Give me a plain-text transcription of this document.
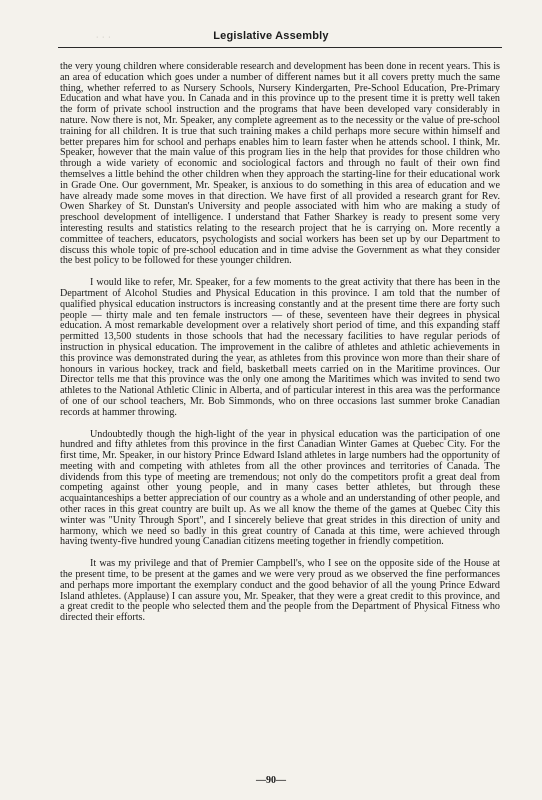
ᐧ ᐧ ᐧ	Legislative Assembly

the very young children where considerable research and development has been done in recent years. This is an area of education which goes under a number of different names but it all covers pretty much the same thing, whether referred to as Nursery Schools, Nursery Kindergarten, Pre-School Education, Pre-Primary Education and what have you. In Canada and in this province up to the present time it is pretty well taken the form of private school instruction and the programs that have been developed vary considerably in nature. Now there is not, Mr. Speaker, any complete agreement as to the necessity or the value of pre-school training for all children. It is true that such training makes a child perhaps more secure within himself and better prepares him for school and perhaps enables him to learn faster when he attends school. I think, Mr. Speaker, however that the main value of this program lies in the help that provides for those children who through a wide variety of economic and sociological factors and through no fault of their own find themselves a little behind the other children when they approach the starting-line for their educational work in Grade One. Our government, Mr. Speaker, is anxious to do something in this area of education and we have already made some moves in that direction. We have first of all provided a research grant for Rev. Owen Sharkey of St. Dunstan's University and people associated with him who are making a study of preschool development of intelligence. I understand that Father Sharkey is ready to present some very interesting results and statistics relating to the research project that he is carrying on. More recently a committee of teachers, educators, psychologists and social workers has been set up by our Department to discuss this whole topic of pre-school education and in time advise the Government as what they consider the best policy to be followed for these younger children.

I would like to refer, Mr. Speaker, for a few moments to the great activity that there has been in the Department of Alcohol Studies and Physical Education in this province. I am told that the number of qualified physical education instructors is increasing constantly and at the present time there are forty such people — thirty male and ten female instructors — of these, seventeen have their degrees in physical education. A most remarkable development over a relatively short period of time, and this expanding staff permitted 13,500 students in those schools that had the necessary facilities to have regular periods of instruction in physical education. The improvement in the calibre of athletes and athletic achievements in this province was demonstrated during the year, as athletes from this province won more than their share of honours in various hockey, track and field, basketball meets carried on in the Maritime provinces. Our Director tells me that this province was the only one among the Maritimes which was invited to send two athletes to the National Athletic Clinic in Alberta, and of particular interest in this area was the performance of one of our school teachers, Mr. Bob Simmonds, who on three occasions last summer broke Canadian records at hammer throwing.

Undoubtedly though the high-light of the year in physical education was the participation of one hundred and fifty athletes from this province in the first Canadian Winter Games at Quebec City. For the first time, Mr. Speaker, in our history Prince Edward Island athletes in large numbers had the opportunity of meeting with and competing with athletes from all the other provinces and territories of Canada. The dividends from this type of meeting are tremendous; not only do the competitors profit a great deal from competing against other young people, and in many cases better athletes, but through these acquaintanceships a better appreciation of our country as a whole and an understanding of other people, and other races in this great country are built up. As we all know the theme of the games at Quebec City this winter was "Unity Through Sport", and I sincerely believe that great strides in this direction of unity and harmony, which we need so badly in this great country of Canada at this time, were achieved through having twenty-five hundred young Canadian citizens meeting together in friendly competition.

It was my privilege and that of Premier Campbell's, who I see on the opposite side of the House at the present time, to be present at the games and we were very proud as we observed the fine performances and perhaps more important the exemplary conduct and the good behavior of all the young Prince Edward Island athletes. (Applause) I can assure you, Mr. Speaker, that they were a great credit to this province, and a great credit to the people who selected them and the people from the Department of Physical Fitness who directed their efforts.

—90—
